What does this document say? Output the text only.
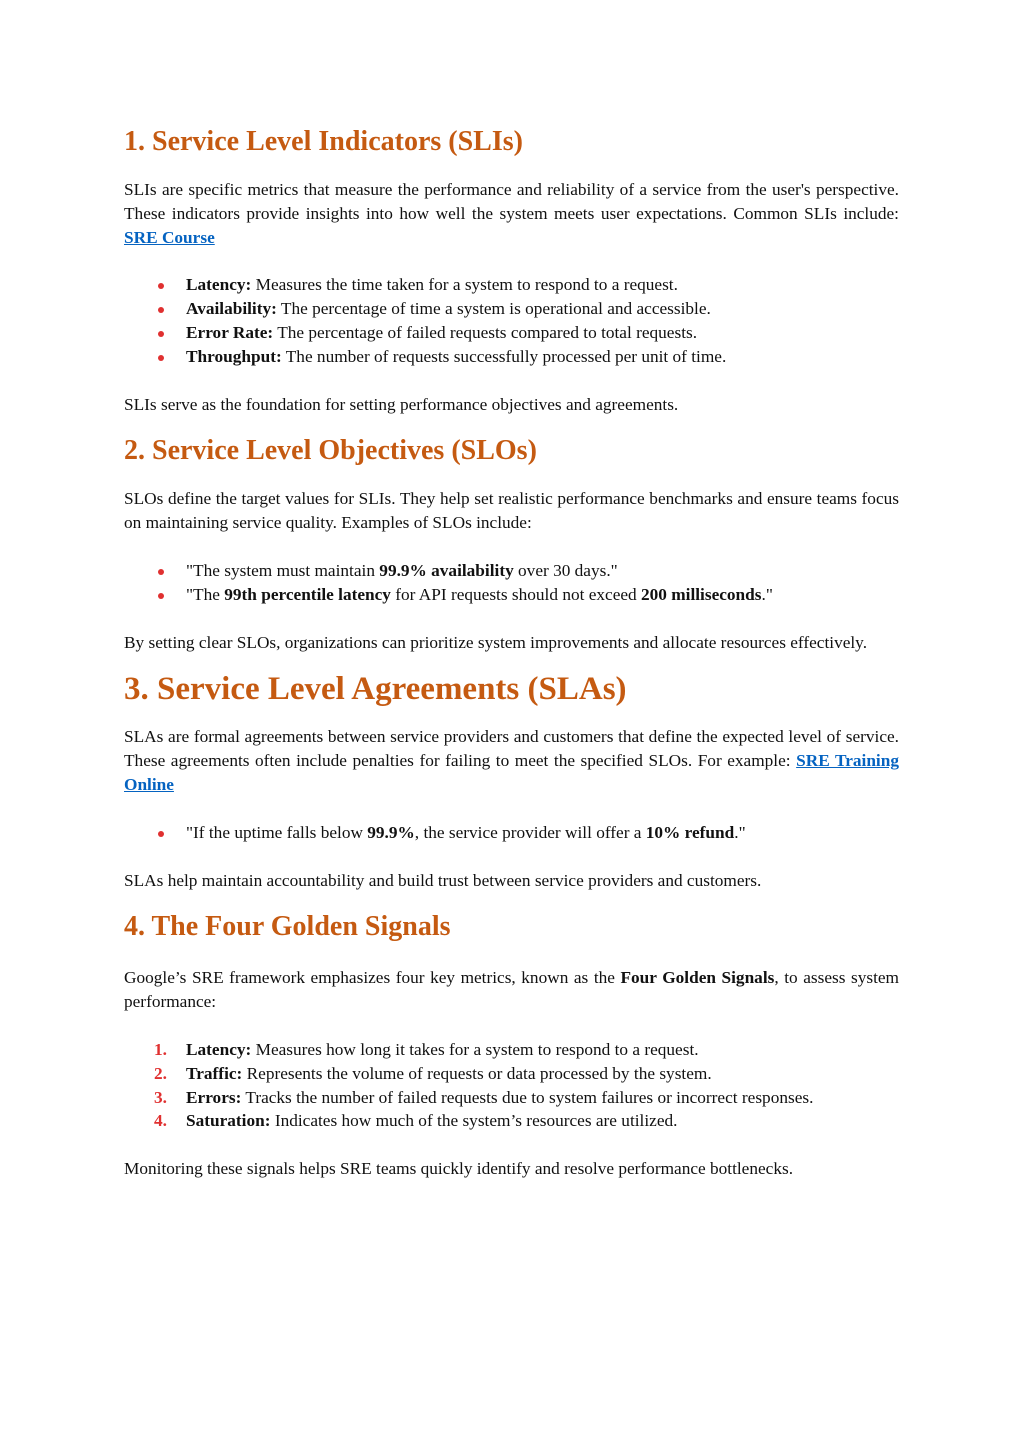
1. Service Level Indicators (SLIs)

SLIs are specific metrics that measure the performance and reliability of a service from the user's perspective. These indicators provide insights into how well the system meets user expectations. Common SLIs include: SRE Course

Latency: Measures the time taken for a system to respond to a request.
Availability: The percentage of time a system is operational and accessible.
Error Rate: The percentage of failed requests compared to total requests.
Throughput: The number of requests successfully processed per unit of time.

SLIs serve as the foundation for setting performance objectives and agreements.

2. Service Level Objectives (SLOs)

SLOs define the target values for SLIs. They help set realistic performance benchmarks and ensure teams focus on maintaining service quality. Examples of SLOs include:

"The system must maintain 99.9% availability over 30 days."
"The 99th percentile latency for API requests should not exceed 200 milliseconds."

By setting clear SLOs, organizations can prioritize system improvements and allocate resources effectively.

3. Service Level Agreements (SLAs)

SLAs are formal agreements between service providers and customers that define the expected level of service. These agreements often include penalties for failing to meet the specified SLOs. For example: SRE Training Online

"If the uptime falls below 99.9%, the service provider will offer a 10% refund."

SLAs help maintain accountability and build trust between service providers and customers.

4. The Four Golden Signals

Google’s SRE framework emphasizes four key metrics, known as the Four Golden Signals, to assess system performance:

1. Latency: Measures how long it takes for a system to respond to a request.
2. Traffic: Represents the volume of requests or data processed by the system.
3. Errors: Tracks the number of failed requests due to system failures or incorrect responses.
4. Saturation: Indicates how much of the system’s resources are utilized.

Monitoring these signals helps SRE teams quickly identify and resolve performance bottlenecks.
